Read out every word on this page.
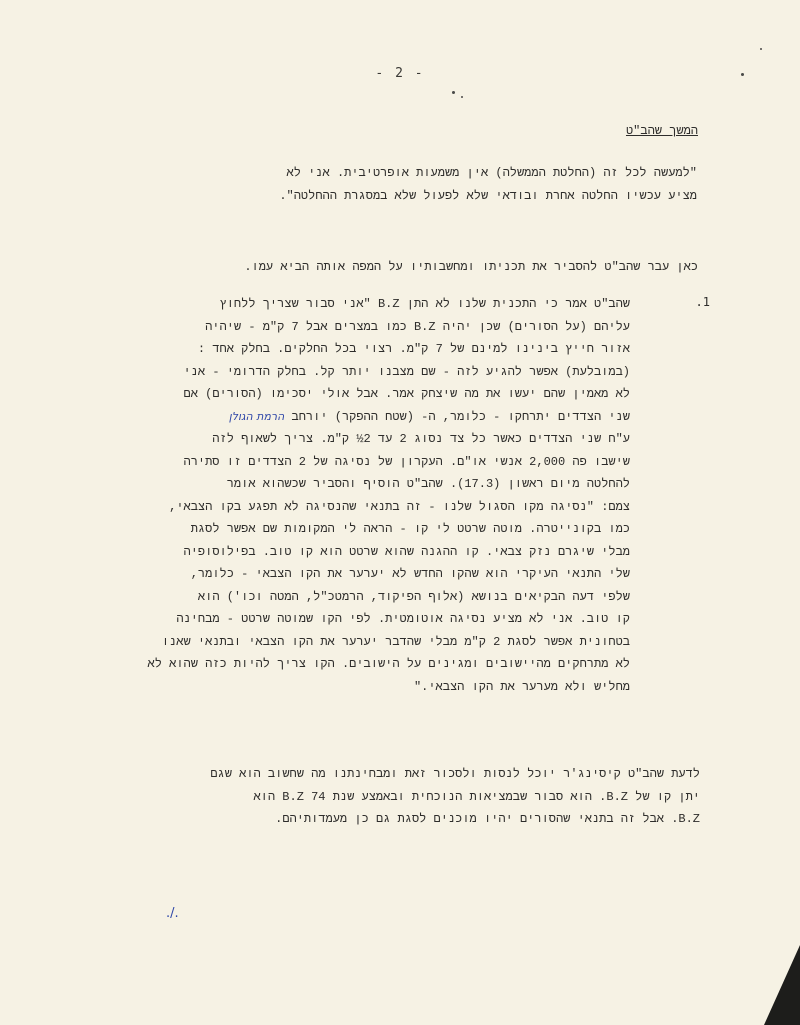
- 2 -
המשך שהב"ט
"למעשה לכל זה (החלטת הממשלה) אין משמעות אופרטיבית. אני לא
מציע עכשיו החלטה אחרת ובודאי שלא לפעול שלא במסגרת ההחלטה".
כאן עבר שהב"ט להסביר את תכניתו ומחשבותיו על המפה אותה הביא עמו.
.1
שהב"ט אמר כי התכנית שלנו לא התן B.Z "אני סבור שצריך ללחוץ
עליהם (על הסורים) שכן יהיה B.Z כמו במצרים אבל 7 ק"מ - שיהיה
אזור חייץ בינינו למינם של 7 ק"מ. רצוי בכל החלקים. בחלק אחד :
(במובלעת) אפשר להגיע לזה - שם מצבנו יותר קל. בחלק הדרומי - אני
לא מאמין שהם יעשו את מה שיצחק אמר. אבל אולי יסכימו (הסורים) אם
שני הצדדים יתרחקו - כלומר, ה- (שטח ההפקר) יורחב הרמת הגולן
ע"ח שני הצדדים כאשר כל צד נסוג 2 עד 2½ ק"מ. צריך לשאוף לזה
שישבו פה 2,000 אנשי או"ם. העקרון של נסיגה של 2 הצדדים זו סתירה
להחלטה מיום ראשון (17.3). שהב"ט הוסיף והסביר שכשהוא אומר
צמם: "נסיגה מקו הסגול שלנו - זה בתנאי שהנסיגה לא תפגע בקו הצבאי,
כמו בקונייטרה. מוטה שרטט לי קו - הראה לי המקומות שם אפשר לסגת
מבלי שיגרם נזק צבאי. קו ההגנה שהוא שרטט הוא קו טוב. בפילוסופיה
שלי התנאי העיקרי הוא שהקו החדש לא יערער את הקו הצבאי - כלומר,
שלפי דעה הבקיאים בנושא (אלוף הפיקוד, הרמטכ"ל, המטה וכו') הוא
קו טוב. אני לא מציע נסיגה אוטומטית. לפי הקו שמוטה שרטט - מבחינה
בטחונית אפשר לסגת 2 ק"מ מבלי שהדבר יערער את הקו הצבאי ובתנאי שאנו
לא מתרחקים מהיישובים ומגינים על הישובים. הקו צריך להיות כזה שהוא לא
מחליש ולא מערער את הקו הצבאי."
לדעת שהב"ט קיסינג'ר יוכל לנסות ולסכור זאת ומבחינתנו מה שחשוב הוא שגם
יתן קו של B.Z. הוא סבור שבמציאות הנוכחית ובאמצע שנת 74 B.Z הוא
B.Z. אבל זה בתנאי שהסורים יהיו מוכנים לסגת גם כן מעמדותיהם.
./.
